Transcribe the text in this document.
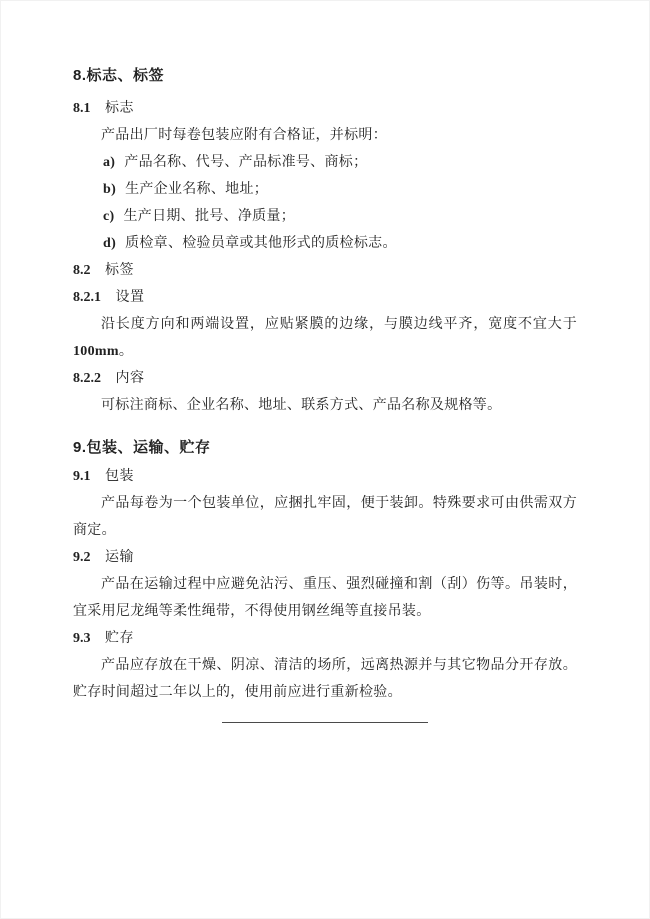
8.标志、标签
8.1 标志
产品出厂时每卷包装应附有合格证，并标明：
a) 产品名称、代号、产品标准号、商标；
b) 生产企业名称、地址；
c) 生产日期、批号、净质量；
d) 质检章、检验员章或其他形式的质检标志。
8.2 标签
8.2.1 设置
沿长度方向和两端设置，应贴紧膜的边缘，与膜边线平齐，宽度不宜大于100mm。
8.2.2 内容
可标注商标、企业名称、地址、联系方式、产品名称及规格等。
9.包装、运输、贮存
9.1 包装
产品每卷为一个包装单位，应捆扎牢固，便于装卸。特殊要求可由供需双方商定。
9.2 运输
产品在运输过程中应避免沾污、重压、强烈碰撞和割（刮）伤等。吊装时，宜采用尼龙绳等柔性绳带，不得使用钢丝绳等直接吊装。
9.3 贮存
产品应存放在干燥、阴凉、清洁的场所，远离热源并与其它物品分开存放。贮存时间超过二年以上的，使用前应进行重新检验。
